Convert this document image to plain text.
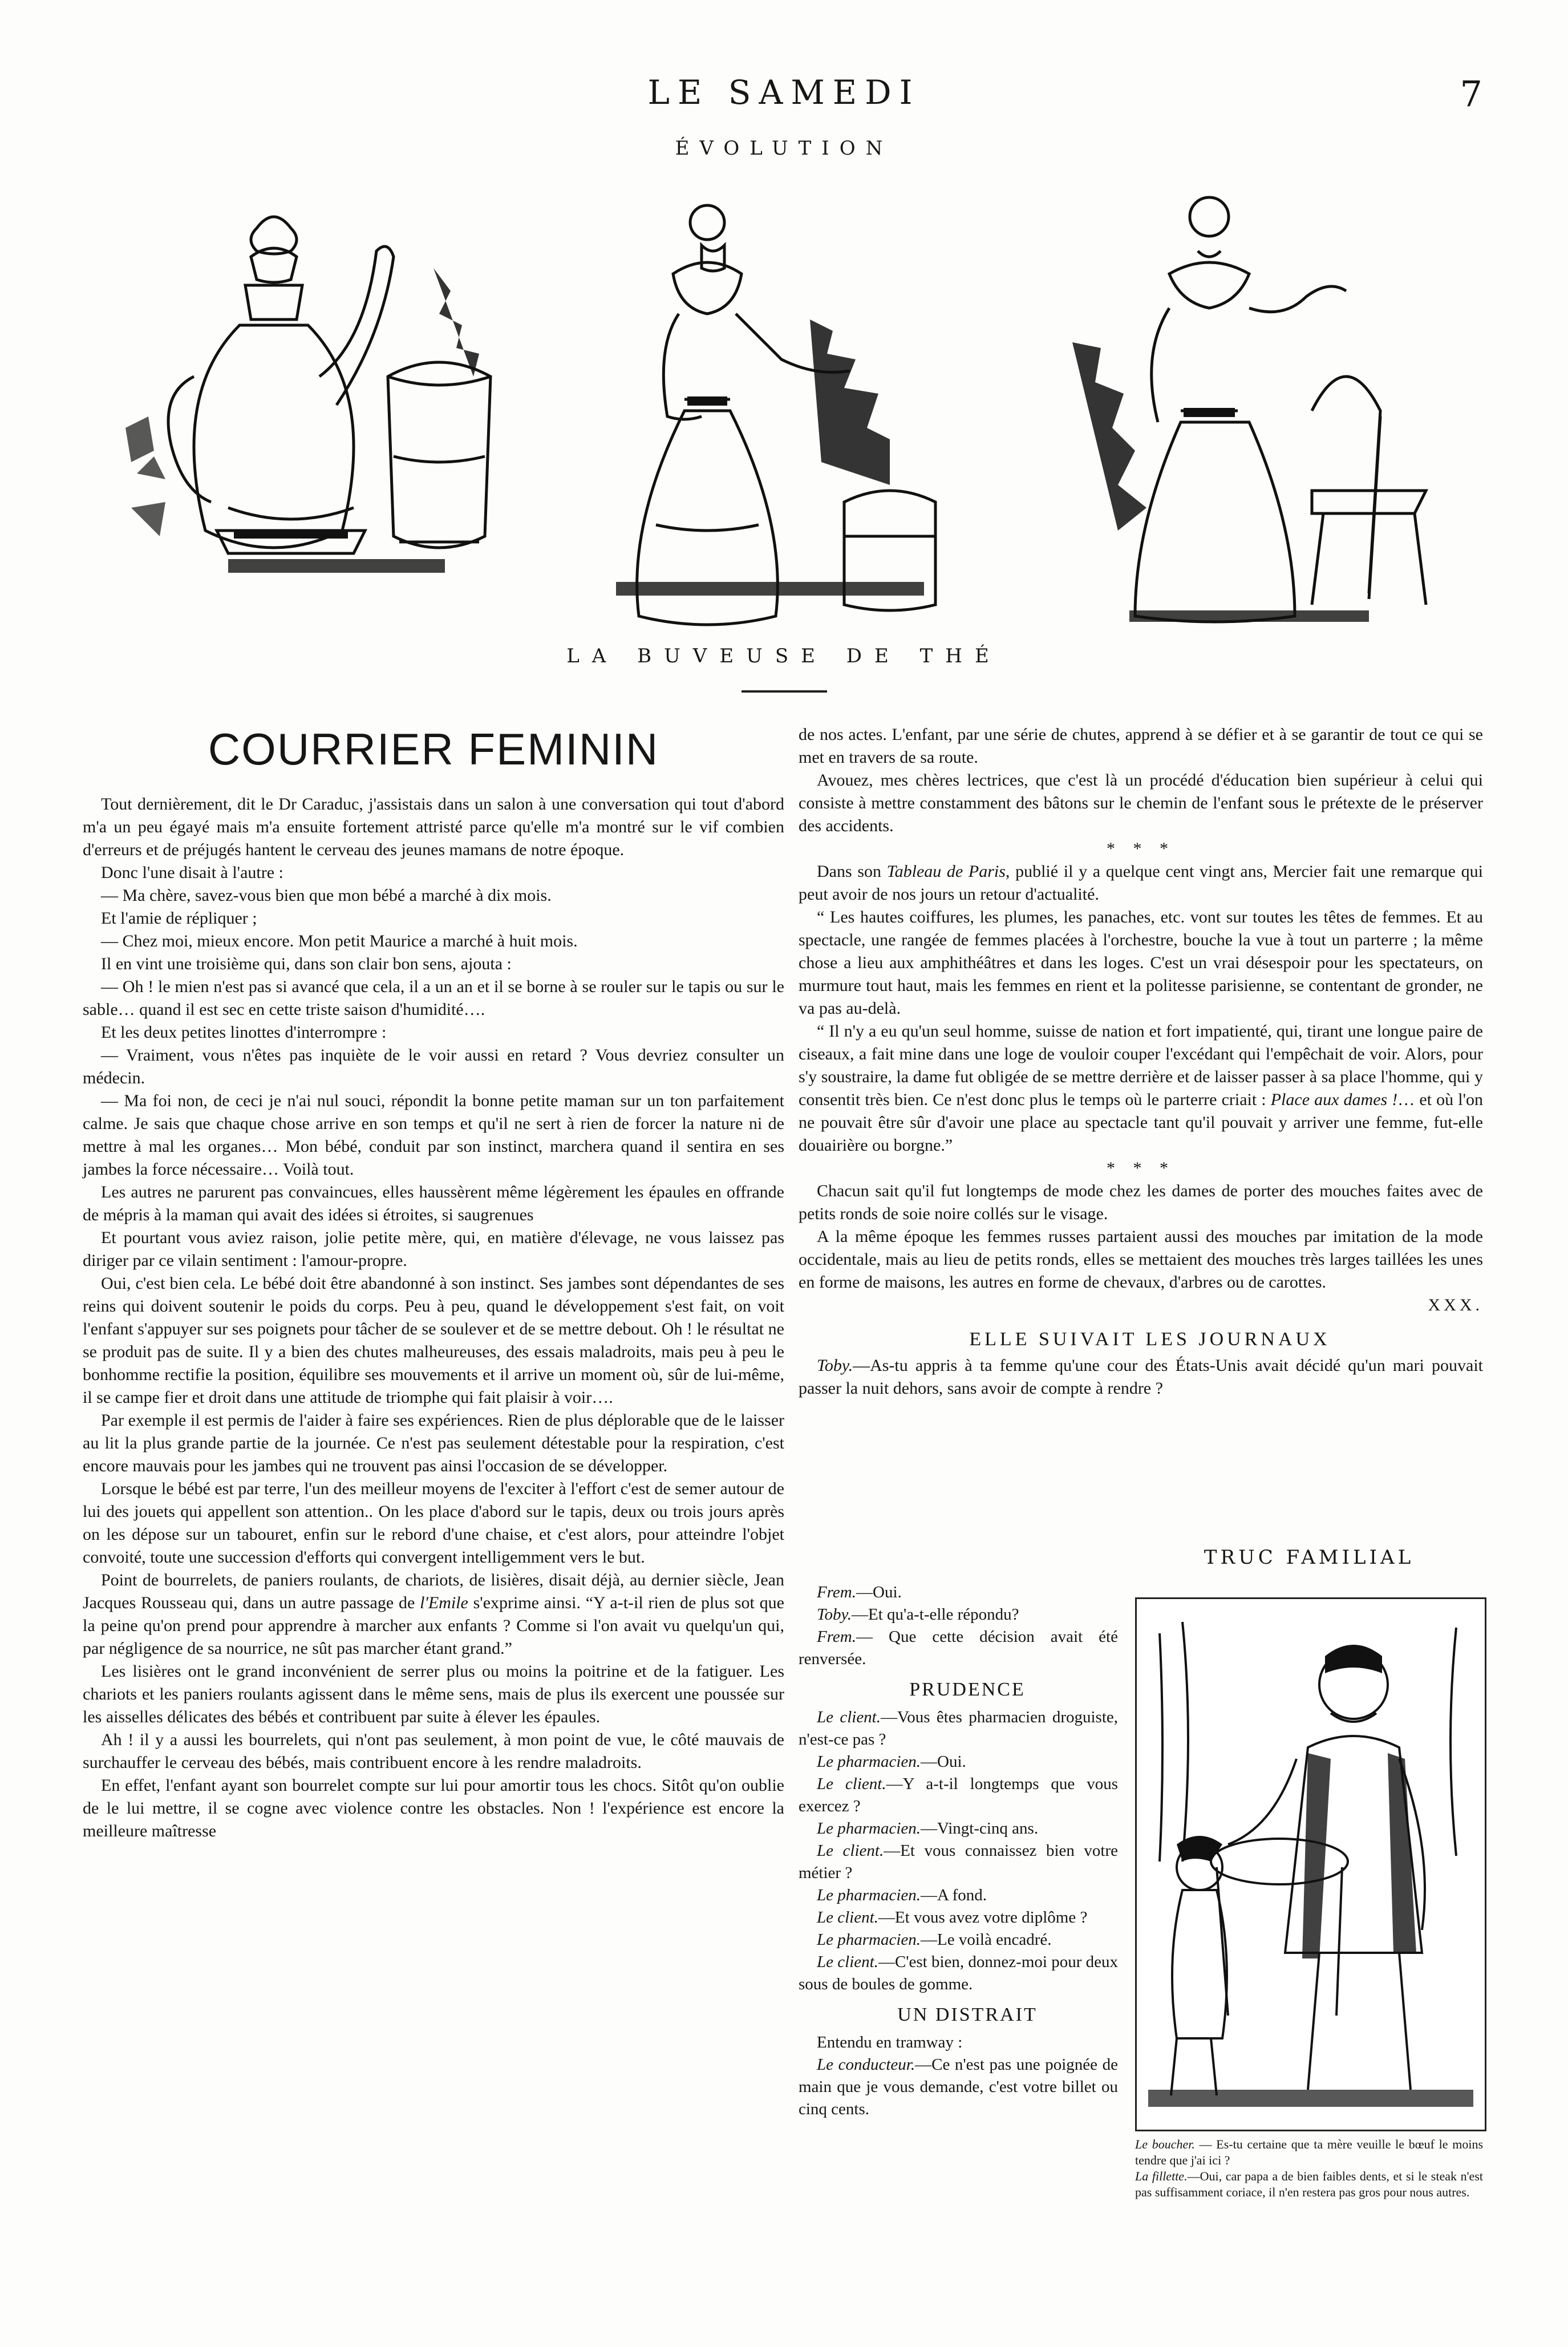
LE SAMEDI	7
ÉVOLUTION
LA BUVEUSE DE THÉ
COURRIER FEMININ

Tout dernièrement, dit le Dr Caraduc, j'assistais dans un salon à une conversation qui tout d'abord m'a un peu égayé mais m'a ensuite fortement attristé parce qu'elle m'a montré sur le vif combien d'erreurs et de préjugés hantent le cerveau des jeunes mamans de notre époque.

Donc l'une disait à l'autre :

— Ma chère, savez-vous bien que mon bébé a marché à dix mois.

Et l'amie de répliquer ;

— Chez moi, mieux encore. Mon petit Maurice a marché à huit mois.

Il en vint une troisième qui, dans son clair bon sens, ajouta :

— Oh ! le mien n'est pas si avancé que cela, il a un an et il se borne à se rouler sur le tapis ou sur le sable… quand il est sec en cette triste saison d'humidité….

Et les deux petites linottes d'interrompre :

— Vraiment, vous n'êtes pas inquiète de le voir aussi en retard ? Vous devriez consulter un médecin.

— Ma foi non, de ceci je n'ai nul souci, répondit la bonne petite maman sur un ton parfaitement calme. Je sais que chaque chose arrive en son temps et qu'il ne sert à rien de forcer la nature ni de mettre à mal les organes… Mon bébé, conduit par son instinct, marchera quand il sentira en ses jambes la force nécessaire… Voilà tout.

Les autres ne parurent pas convaincues, elles haussèrent même légèrement les épaules en offrande de mépris à la maman qui avait des idées si étroites, si saugrenues

Et pourtant vous aviez raison, jolie petite mère, qui, en matière d'élevage, ne vous laissez pas diriger par ce vilain sentiment : l'amour-propre.

Oui, c'est bien cela. Le bébé doit être abandonné à son instinct. Ses jambes sont dépendantes de ses reins qui doivent soutenir le poids du corps. Peu à peu, quand le développement s'est fait, on voit l'enfant s'appuyer sur ses poignets pour tâcher de se soulever et de se mettre debout. Oh ! le résultat ne se produit pas de suite. Il y a bien des chutes malheureuses, des essais maladroits, mais peu à peu le bonhomme rectifie la position, équilibre ses mouvements et il arrive un moment où, sûr de lui-même, il se campe fier et droit dans une attitude de triomphe qui fait plaisir à voir….

Par exemple il est permis de l'aider à faire ses expériences. Rien de plus déplorable que de le laisser au lit la plus grande partie de la journée. Ce n'est pas seulement détestable pour la respiration, c'est encore mauvais pour les jambes qui ne trouvent pas ainsi l'occasion de se développer.

Lorsque le bébé est par terre, l'un des meilleur moyens de l'exciter à l'effort c'est de semer autour de lui des jouets qui appellent son attention.. On les place d'abord sur le tapis, deux ou trois jours après on les dépose sur un tabouret, enfin sur le rebord d'une chaise, et c'est alors, pour atteindre l'objet convoité, toute une succession d'efforts qui convergent intelligemment vers le but.

Point de bourrelets, de paniers roulants, de chariots, de lisières, disait déjà, au dernier siècle, Jean Jacques Rousseau qui, dans un autre passage de l'Emile s'exprime ainsi. “Y a-t-il rien de plus sot que la peine qu'on prend pour apprendre à marcher aux enfants ? Comme si l'on avait vu quelqu'un qui, par négligence de sa nourrice, ne sût pas marcher étant grand.”

Les lisières ont le grand inconvénient de serrer plus ou moins la poitrine et de la fatiguer. Les chariots et les paniers roulants agissent dans le même sens, mais de plus ils exercent une poussée sur les aisselles délicates des bébés et contribuent par suite à élever les épaules.

Ah ! il y a aussi les bourrelets, qui n'ont pas seulement, à mon point de vue, le côté mauvais de surchauffer le cerveau des bébés, mais contribuent encore à les rendre maladroits.

En effet, l'enfant ayant son bourrelet compte sur lui pour amortir tous les chocs. Sitôt qu'on oublie de le lui mettre, il se cogne avec violence contre les obstacles. Non ! l'expérience est encore la meilleure maîtresse

de nos actes. L'enfant, par une série de chutes, apprend à se défier et à se garantir de tout ce qui se met en travers de sa route.

Avouez, mes chères lectrices, que c'est là un procédé d'éducation bien supérieur à celui qui consiste à mettre constamment des bâtons sur le chemin de l'enfant sous le prétexte de le préserver des accidents.

* * *

Dans son Tableau de Paris, publié il y a quelque cent vingt ans, Mercier fait une remarque qui peut avoir de nos jours un retour d'actualité.

“ Les hautes coiffures, les plumes, les panaches, etc. vont sur toutes les têtes de femmes. Et au spectacle, une rangée de femmes placées à l'orchestre, bouche la vue à tout un parterre ; la même chose a lieu aux amphithéâtres et dans les loges. C'est un vrai désespoir pour les spectateurs, on murmure tout haut, mais les femmes en rient et la politesse parisienne, se contentant de gronder, ne va pas au-delà.

“ Il n'y a eu qu'un seul homme, suisse de nation et fort impatienté, qui, tirant une longue paire de ciseaux, a fait mine dans une loge de vouloir couper l'excédant qui l'empêchait de voir. Alors, pour s'y soustraire, la dame fut obligée de se mettre derrière et de laisser passer à sa place l'homme, qui y consentit très bien. Ce n'est donc plus le temps où le parterre criait : Place aux dames !… et où l'on ne pouvait être sûr d'avoir une place au spectacle tant qu'il pouvait y arriver une femme, fut-elle douairière ou borgne.”

* * *

Chacun sait qu'il fut longtemps de mode chez les dames de porter des mouches faites avec de petits ronds de soie noire collés sur le visage.

A la même époque les femmes russes partaient aussi des mouches par imitation de la mode occidentale, mais au lieu de petits ronds, elles se mettaient des mouches très larges taillées les unes en forme de maisons, les autres en forme de chevaux, d'arbres ou de carottes.

XXX.

ELLE SUIVAIT LES JOURNAUX

Toby.—As-tu appris à ta femme qu'une cour des États-Unis avait décidé qu'un mari pouvait passer la nuit dehors, sans avoir de compte à rendre ?

Frem.—Oui.

Toby.—Et qu'a-t-elle répondu?

Frem.— Que cette décision avait été renversée.

PRUDENCE

Le client.—Vous êtes pharmacien droguiste, n'est-ce pas ?

Le pharmacien.—Oui.

Le client.—Y a-t-il longtemps que vous exercez ?

Le pharmacien.—Vingt-cinq ans.

Le client.—Et vous connaissez bien votre métier ?

Le pharmacien.—A fond.

Le client.—Et vous avez votre diplôme ?

Le pharmacien.—Le voilà encadré.

Le client.—C'est bien, donnez-moi pour deux sous de boules de gomme.

UN DISTRAIT

Entendu en tramway :

Le conducteur.—Ce n'est pas une poignée de main que je vous demande, c'est votre billet ou cinq cents.

TRUC FAMILIAL

Le boucher. — Es-tu certaine que ta mère veuille le bœuf le moins tendre que j'ai ici ?

La fillette.—Oui, car papa a de bien faibles dents, et si le steak n'est pas suffisamment coriace, il n'en restera pas gros pour nous autres.
